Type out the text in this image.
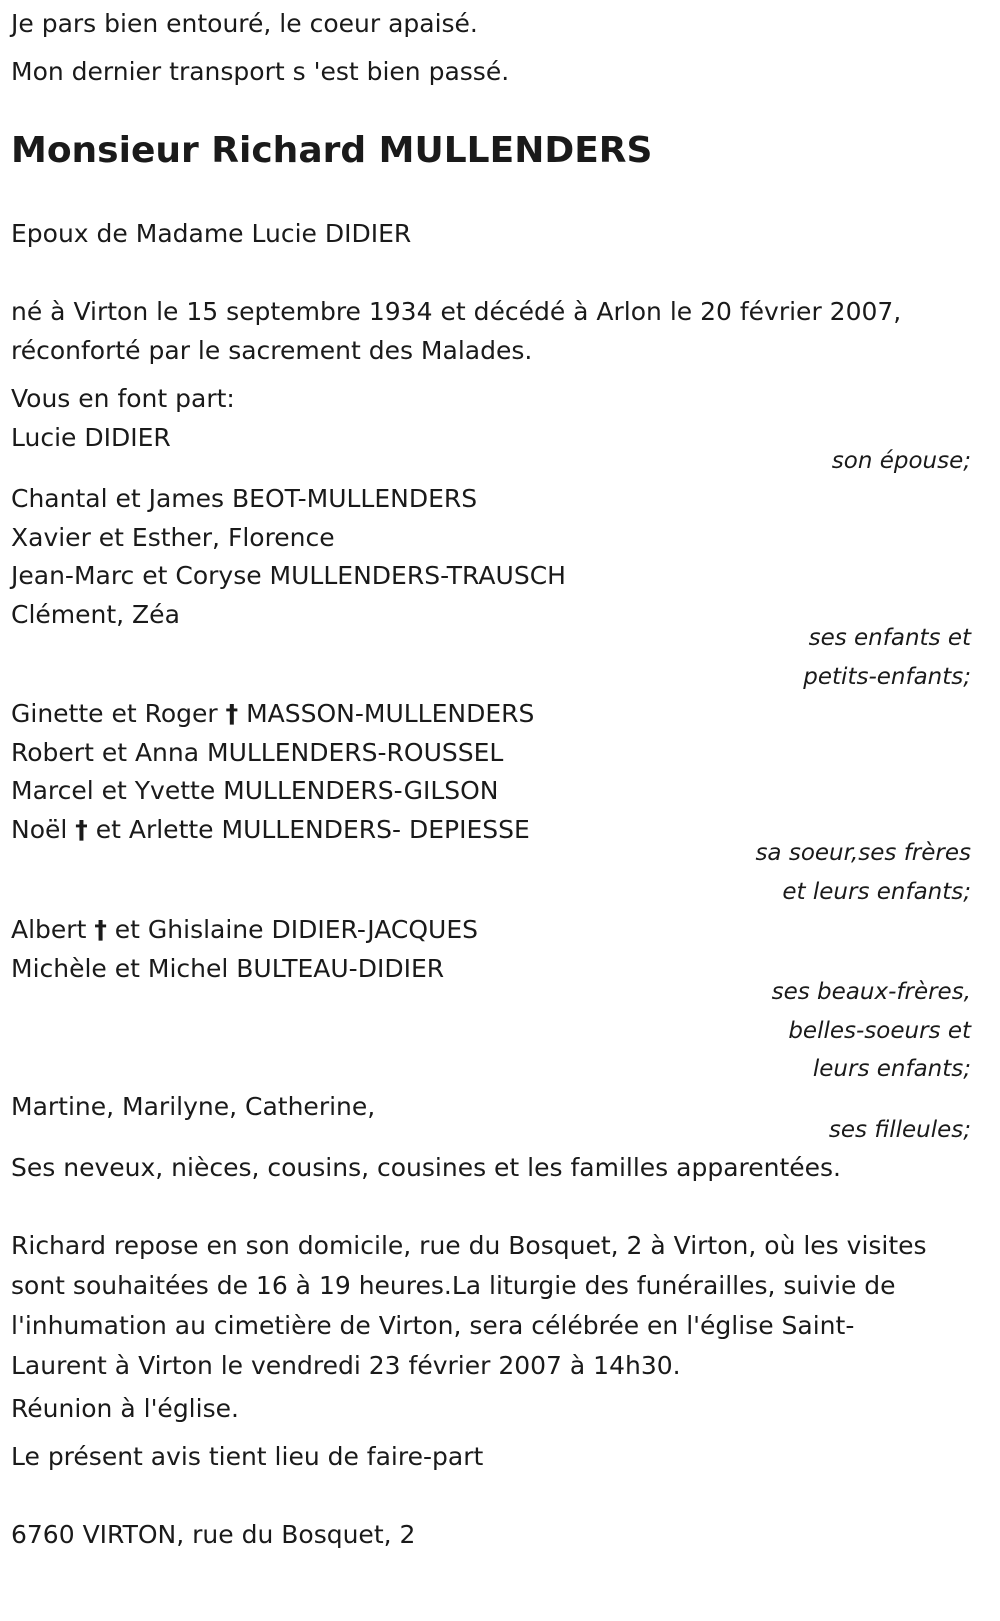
Je pars bien entouré, le coeur apaisé.
Mon dernier transport s 'est bien passé.
Monsieur Richard MULLENDERS
Epoux de Madame Lucie DIDIER
né à Virton le 15 septembre 1934 et décédé à Arlon le 20 février 2007,
réconforté par le sacrement des Malades.
Vous en font part:
Lucie DIDIER
son épouse;
Chantal et James BEOT-MULLENDERS
Xavier et Esther, Florence
Jean-Marc et Coryse MULLENDERS-TRAUSCH
Clément, Zéa
ses enfants et
petits-enfants;
Ginette et Roger † MASSON-MULLENDERS
Robert et Anna MULLENDERS-ROUSSEL
Marcel et Yvette MULLENDERS-GILSON
Noël † et Arlette MULLENDERS- DEPIESSE
sa soeur,ses frères
et leurs enfants;
Albert † et Ghislaine DIDIER-JACQUES
Michèle et Michel BULTEAU-DIDIER
ses beaux-frères,
belles-soeurs et
leurs enfants;
Martine, Marilyne, Catherine,
ses filleules;
Ses neveux, nièces, cousins, cousines et les familles apparentées.
Richard repose en son domicile, rue du Bosquet, 2 à Virton, où les visites sont souhaitées de 16 à 19 heures.La liturgie des funérailles, suivie de l'inhumation au cimetière de Virton, sera célébrée en l'église Saint-Laurent à Virton le vendredi 23 février 2007 à 14h30.
Réunion à l'église.
Le présent avis tient lieu de faire-part
6760 VIRTON, rue du Bosquet, 2
